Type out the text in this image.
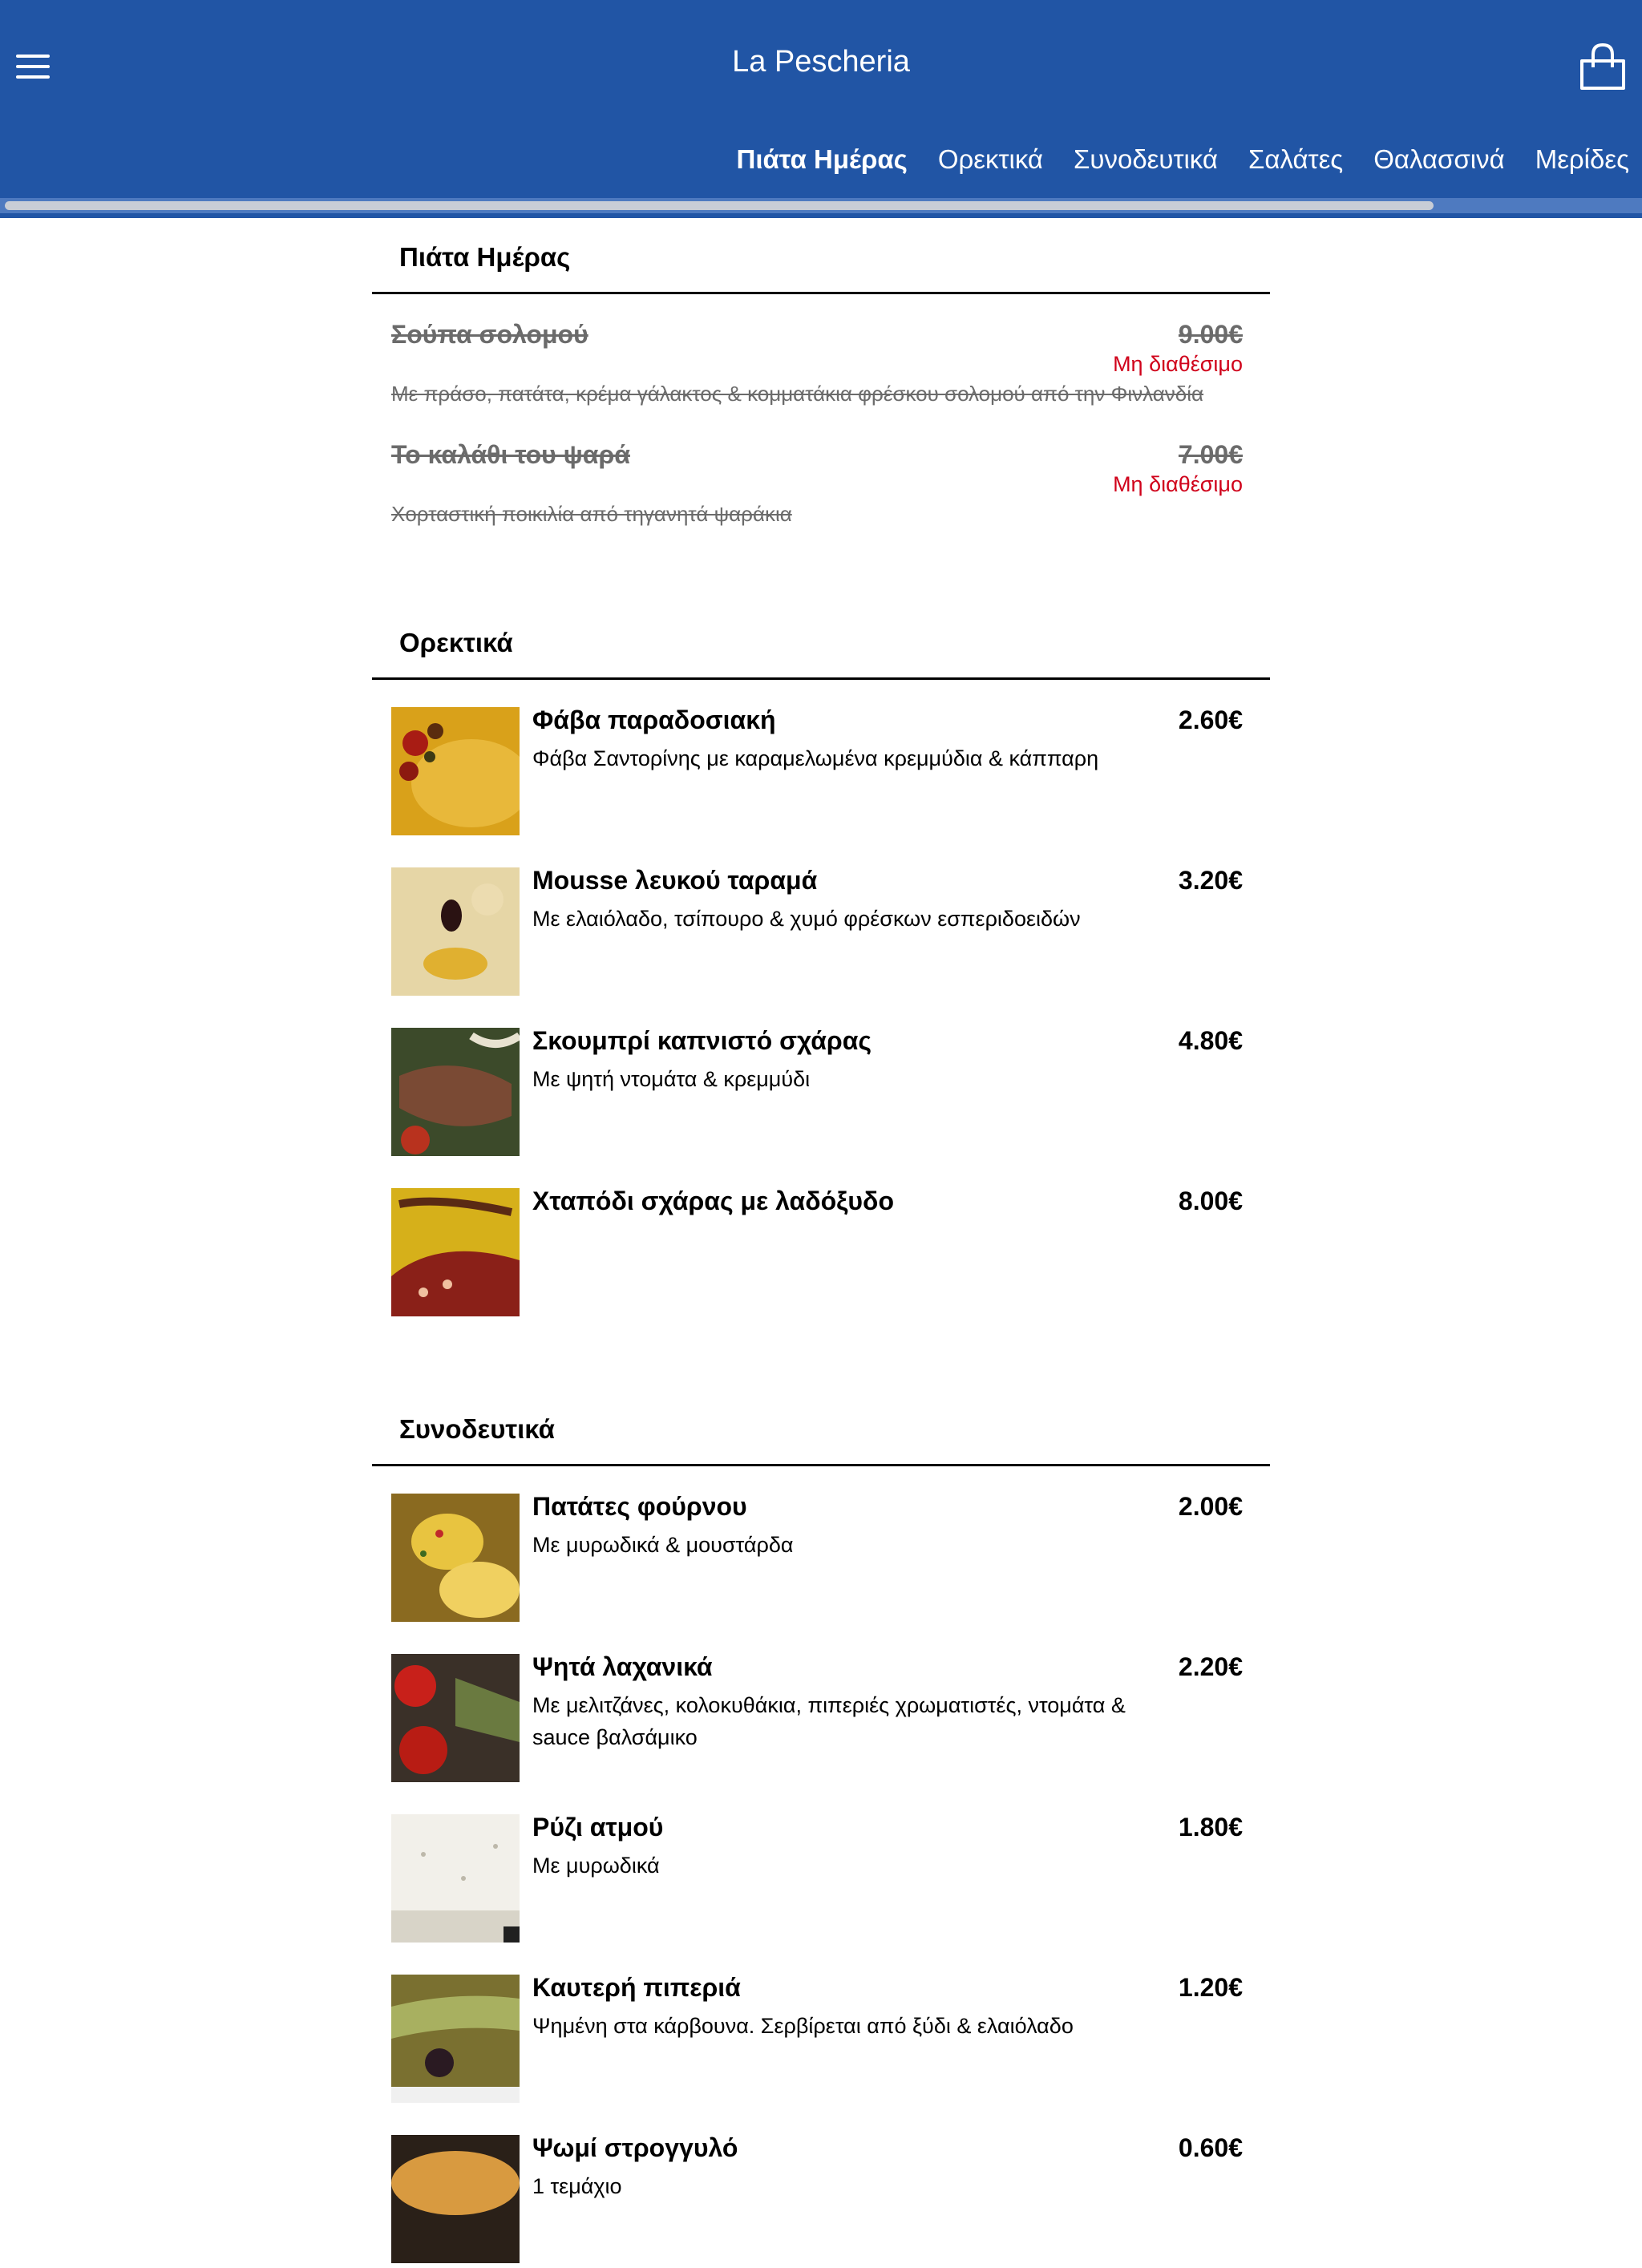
La Pescheria
Πιάτα Ημέρας Ορεκτικά Συνοδευτικά Σαλάτες Θαλασσινά Μερίδες
Πιάτα Ημέρας
Σούπα σολομού	9.00€
Μη διαθέσιμο
Με πράσο, πατάτα, κρέμα γάλακτος & κομματάκια φρέσκου σολομού από την Φινλανδία
Το καλάθι του ψαρά	7.00€
Μη διαθέσιμο
Χορταστική ποικιλία από τηγανητά ψαράκια
Ορεκτικά
Φάβα παραδοσιακή	2.60€
Φάβα Σαντορίνης με καραμελωμένα κρεμμύδια & κάππαρη
Mousse λευκού ταραμά	3.20€
Με ελαιόλαδο, τσίπουρο & χυμό φρέσκων εσπεριδοειδών
Σκουμπρί καπνιστό σχάρας	4.80€
Με ψητή ντομάτα & κρεμμύδι
Χταπόδι σχάρας με λαδόξυδο	8.00€
Συνοδευτικά
Πατάτες φούρνου	2.00€
Με μυρωδικά & μουστάρδα
Ψητά λαχανικά	2.20€
Με μελιτζάνες, κολοκυθάκια, πιπεριές χρωματιστές, ντομάτα & sauce βαλσάμικο
Ρύζι ατμού	1.80€
Με μυρωδικά
Καυτερή πιπεριά	1.20€
Ψημένη στα κάρβουνα. Σερβίρεται από ξύδι & ελαιόλαδο
Ψωμί στρογγυλό	0.60€
1 τεμάχιο
